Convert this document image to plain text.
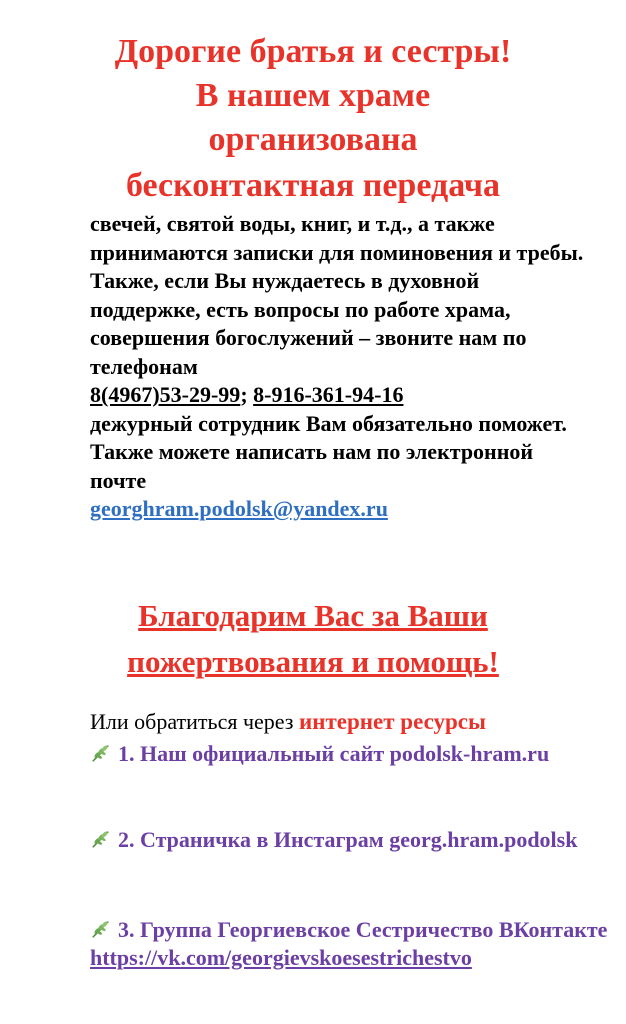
Дорогие братья и сестры!
В нашем храме
организована
бесконтактная передача

свечей, святой воды, книг, и т.д., а также принимаются записки для поминовения и требы.

Также, если Вы нуждаетесь в духовной поддержке, есть вопросы по работе храма, совершения богослужений – звоните нам по телефонам

8(4967)53-29-99; 8-916-361-94-16

дежурный сотрудник Вам обязательно поможет.

Также можете написать нам по электронной почте

georghram.podolsk@yandex.ru

Благодарим Вас за Ваши
пожертвования и помощь!
Или обратиться через интернет ресурсы
1. Наш официальный сайт podolsk-hram.ru
2. Страничка в Инстаграм georg.hram.podolsk
3. Группа Георгиевское Сестричество ВКонтакте https://vk.com/georgievskoesestrichestvo
